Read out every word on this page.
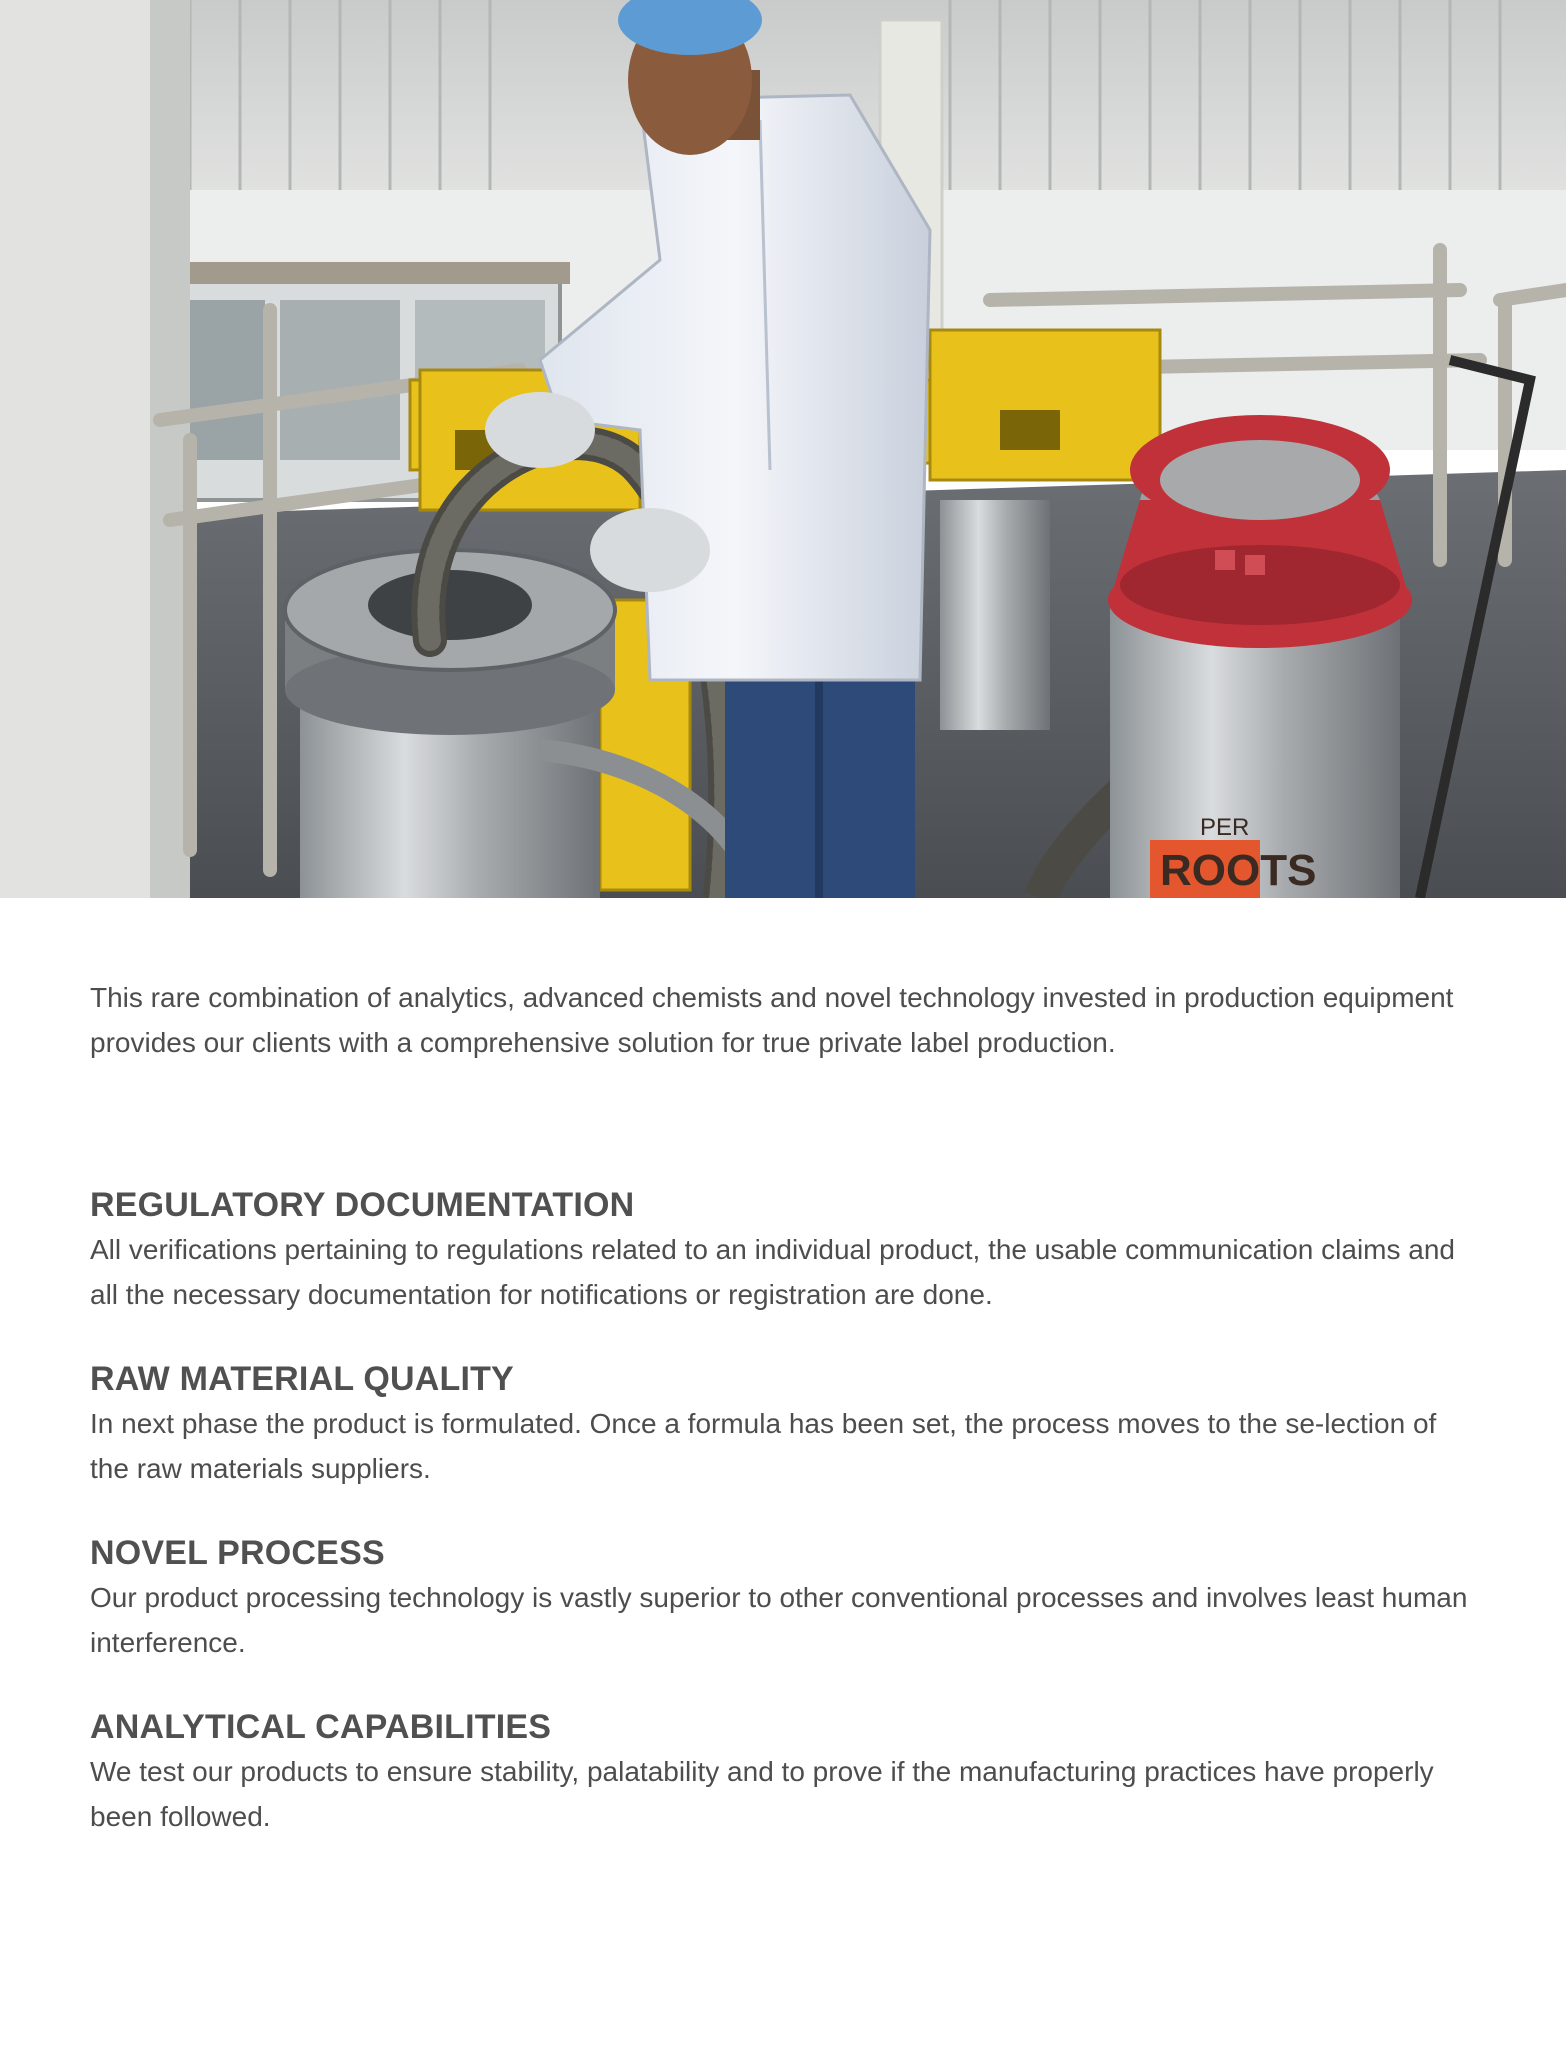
ROOTS
PER

This rare combination of analytics, advanced chemists and novel technology invested in production equipment provides our clients with a comprehensive solution for true private label production.

REGULATORY DOCUMENTATION

All verifications pertaining to regulations related to an individual product, the usable communication claims and all the necessary documentation for notifications or registration are done.

RAW MATERIAL QUALITY

In next phase the product is formulated. Once a formula has been set, the process moves to the se-lection of the raw materials suppliers.

NOVEL PROCESS

Our product processing technology is vastly superior to other conventional processes and involves least human interference.

ANALYTICAL CAPABILITIES

We test our products to ensure stability, palatability and to prove if the manufacturing practices have properly been followed.
